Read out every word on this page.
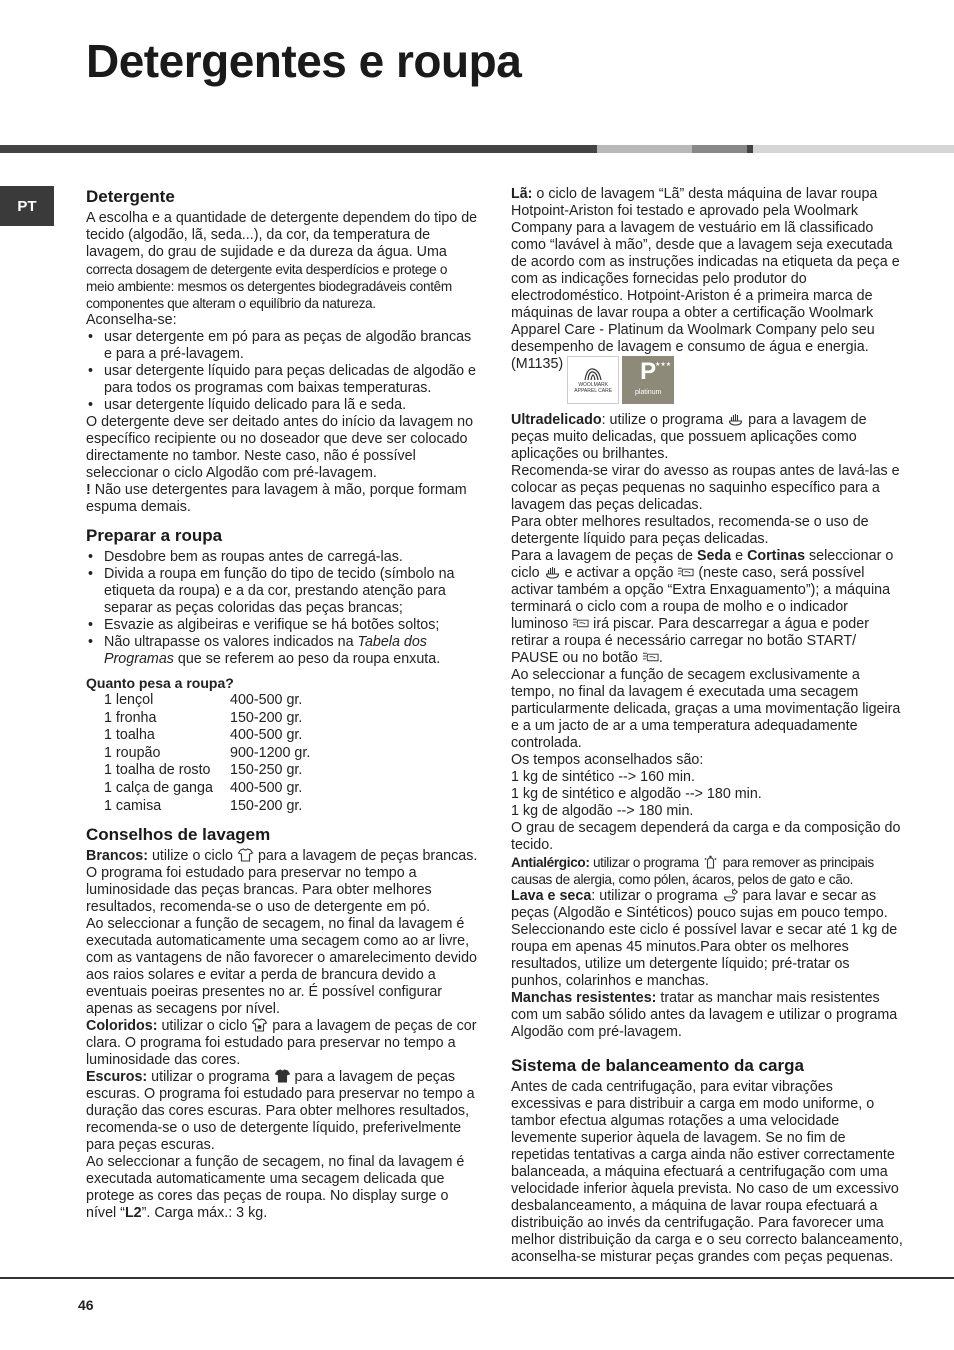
Detergentes e roupa
PT	Detergente

A escolha e a quantidade de detergente dependem do tipo de tecido (algodão, lã, seda...), da cor, da temperatura de lavagem, do grau de sujidade e da dureza da água. Uma

correcta dosagem de detergente evita desperdícios e protege o meio ambiente: mesmos os detergentes biodegradáveis contêm componentes que alteram o equilíbrio da natureza.

Aconselha-se:

• usar detergente em pó para as peças de algodão brancas e para a pré-lavagem.
• usar detergente líquido para peças delicadas de algodão e para todos os programas com baixas temperaturas.
• usar detergente líquido delicado para lã e seda.

O detergente deve ser deitado antes do início da lavagem no específico recipiente ou no doseador que deve ser colocado directamente no tambor. Neste caso, não é possível seleccionar o ciclo Algodão com pré-lavagem.

! Não use detergentes para lavagem à mão, porque formam espuma demais.

Preparar a roupa
• Desdobre bem as roupas antes de carregá-las.
• Divida a roupa em função do tipo de tecido (símbolo na etiqueta da roupa) e a da cor, prestando atenção para separar as peças coloridas das peças brancas;
• Esvazie as algibeiras e verifique se há botões soltos;
• Não ultrapasse os valores indicados na Tabela dos Programas que se referem ao peso da roupa enxuta.
Quanto pesa a roupa?
1 lençol	400-500 gr.
1 fronha	150-200 gr.
1 toalha	400-500 gr.
1 roupão	900-1200 gr.
1 toalha de rosto	150-250 gr.
1 calça de ganga	400-500 gr.
1 camisa	150-200 gr.
Conselhos de lavagem

Brancos: utilize o ciclo  para a lavagem de peças brancas. O programa foi estudado para preservar no tempo a luminosidade das peças brancas. Para obter melhores resultados, recomenda-se o uso de detergente em pó.

Ao seleccionar a função de secagem, no final da lavagem é executada automaticamente uma secagem como ao ar livre, com as vantagens de não favorecer o amarelecimento devido aos raios solares e evitar a perda de brancura devido a eventuais poeiras presentes no ar. É possível configurar apenas as secagens por nível.

Coloridos: utilizar o ciclo  para a lavagem de peças de cor clara. O programa foi estudado para preservar no tempo a luminosidade das cores.

Escuros: utilizar o programa  para a lavagem de peças escuras. O programa foi estudado para preservar no tempo a duração das cores escuras. Para obter melhores resultados, recomenda-se o uso de detergente líquido, preferivelmente para peças escuras.

Ao seleccionar a função de secagem, no final da lavagem é executada automaticamente uma secagem delicada que protege as cores das peças de roupa. No display surge o nível “L2”. Carga máx.: 3 kg.

Lã: o ciclo de lavagem “Lã” desta máquina de lavar roupa Hotpoint-Ariston foi testado e aprovado pela Woolmark Company para a lavagem de vestuário em lã classificado como “lavável à mão”, desde que a lavagem seja executada de acordo com as instruções indicadas na etiqueta da peça e com as indicações fornecidas pelo produtor do electrodoméstico. Hotpoint-Ariston é a primeira marca de máquinas de lavar roupa a obter a certificação Woolmark Apparel Care - Platinum da Woolmark Company pelo seu desempenho de lavagem e consumo de água e energia. (M1135)
WOOLMARK APPAREL CARE
★★★
P
platinum

Ultradelicado: utilize o programa  para a lavagem de peças muito delicadas, que possuem aplicações como aplicações ou brilhantes.

Recomenda-se virar do avesso as roupas antes de lavá-las e colocar as peças pequenas no saquinho específico para a lavagem das peças delicadas.

Para obter melhores resultados, recomenda-se o uso de detergente líquido para peças delicadas.

Para a lavagem de peças de Seda e Cortinas seleccionar o ciclo  e activar a opção  (neste caso, será possível activar também a opção “Extra Enxaguamento”); a máquina terminará o ciclo com a roupa de molho e o indicador luminoso  irá piscar. Para descarregar a água e poder retirar a roupa é necessário carregar no botão START/ PAUSE ou no botão .

Ao seleccionar a função de secagem exclusivamente a tempo, no final da lavagem é executada uma secagem particularmente delicada, graças a uma movimentação ligeira e a um jacto de ar a uma temperatura adequadamente controlada.

Os tempos aconselhados são:

1 kg de sintético --> 160 min.

1 kg de sintético e algodão --> 180 min.

1 kg de algodão --> 180 min.

O grau de secagem dependerá da carga e da composição do tecido.

Antialérgico: utilizar o programa  para remover as principais causas de alergia, como pólen, ácaros, pelos de gato e cão.

Lava e seca: utilizar o programa  para lavar e secar as peças (Algodão e Sintéticos) pouco sujas em pouco tempo. Seleccionando este ciclo é possível lavar e secar até 1 kg de roupa em apenas 45 minutos.Para obter os melhores resultados, utilize um detergente líquido; pré-tratar os punhos, colarinhos e manchas.

Manchas resistentes: tratar as manchar mais resistentes com um sabão sólido antes da lavagem e utilizar o programa Algodão com pré-lavagem.

Sistema de balanceamento da carga

Antes de cada centrifugação, para evitar vibrações excessivas e para distribuir a carga em modo uniforme, o tambor efectua algumas rotações a uma velocidade levemente superior àquela de lavagem. Se no fim de repetidas tentativas a carga ainda não estiver correctamente balanceada, a máquina efectuará a centrifugação com uma velocidade inferior àquela prevista. No caso de um excessivo desbalanceamento, a máquina de lavar roupa efectuará a distribuição ao invés da centrifugação. Para favorecer uma melhor distribuição da carga e o seu correcto balanceamento, aconselha-se misturar peças grandes com peças pequenas.

46
